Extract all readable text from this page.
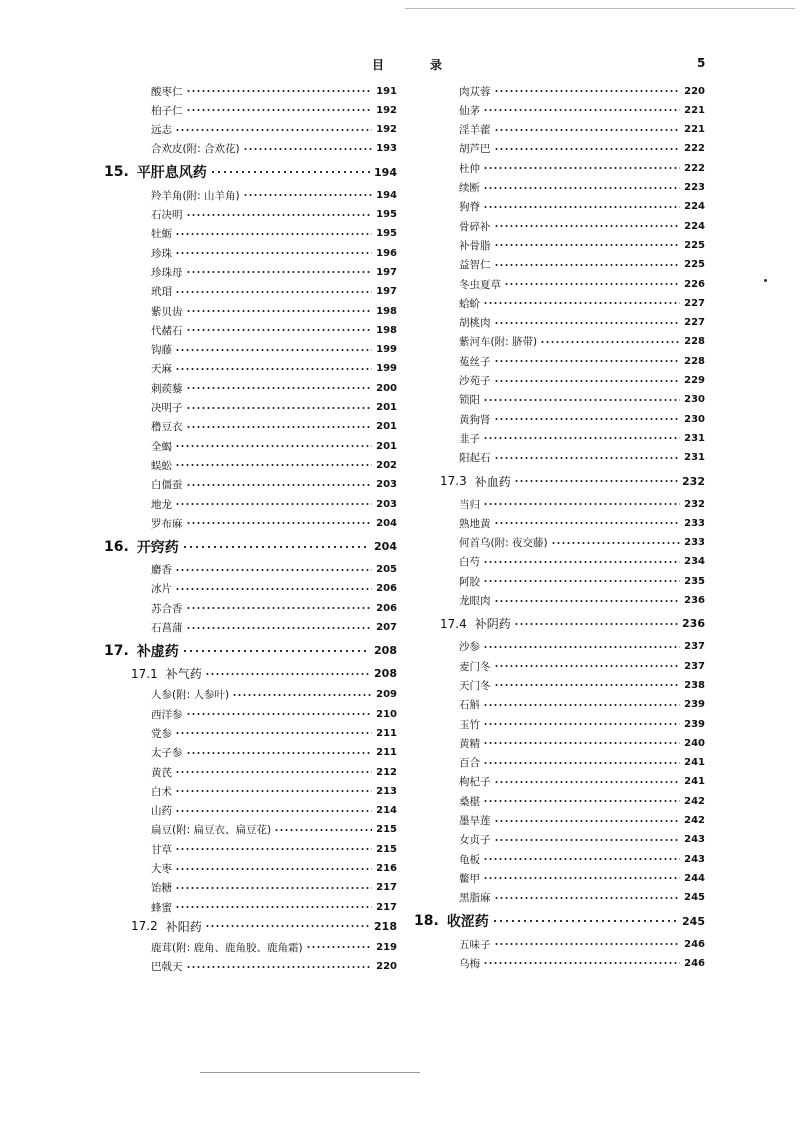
目	录	5
酸枣仁	191
柏子仁	192
远志	192
合欢皮(附: 合欢花)	193
15. 平肝息风药	194
羚羊角(附: 山羊角)	194
石决明	195
牡蛎	195
珍珠	196
珍珠母	197
玳瑁	197
紫贝齿	198
代赭石	198
钩藤	199
天麻	199
刺蒺藜	200
决明子	201
穞豆衣	201
全蝎	201
蜈蚣	202
白僵蚕	203
地龙	203
罗布麻	204
16. 开窍药	204
麝香	205
冰片	206
苏合香	206
石菖蒲	207
17. 补虚药	208
17.1 补气药	208
人参(附: 人参叶)	209
西洋参	210
党参	211
太子参	211
黄芪	212
白术	213
山药	214
扁豆(附: 扁豆衣、扁豆花)	215
甘草	215
大枣	216
饴糖	217
蜂蜜	217
17.2 补阳药	218
鹿茸(附: 鹿角、鹿角胶、鹿角霜)	219
巴戟天	220
肉苁蓉	220
仙茅	221
淫羊藿	221
胡芦巴	222
杜仲	222
续断	223
狗脊	224
骨碎补	224
补骨脂	225
益智仁	225
冬虫夏草	226
蛤蚧	227
胡桃肉	227
紫河车(附: 脐带)	228
菟丝子	228
沙苑子	229
锁阳	230
黄狗肾	230
韭子	231
阳起石	231
17.3 补血药	232
当归	232
熟地黄	233
何首乌(附: 夜交藤)	233
白芍	234
阿胶	235
龙眼肉	236
17.4 补阴药	236
沙参	237
麦门冬	237
天门冬	238
石斛	239
玉竹	239
黄精	240
百合	241
枸杞子	241
桑椹	242
墨旱莲	242
女贞子	243
龟板	243
鳖甲	244
黑脂麻	245
18. 收涩药	245
五味子	246
乌梅	246
